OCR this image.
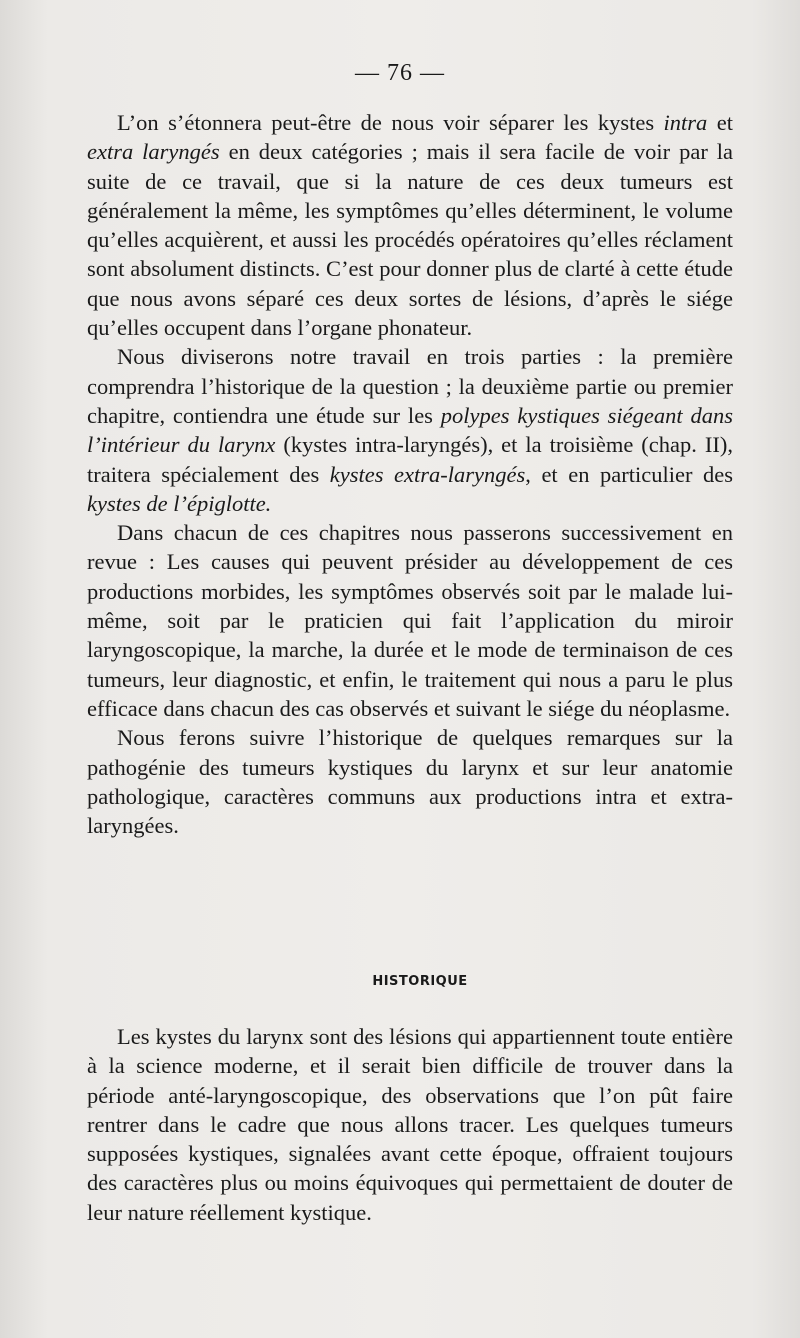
— 76 —

L’on s’étonnera peut-être de nous voir séparer les kystes intra et extra laryngés en deux catégories ; mais il sera facile de voir par la suite de ce travail, que si la nature de ces deux tumeurs est généralement la même, les symptômes qu’elles déterminent, le volume qu’elles acquièrent, et aussi les procédés opératoires qu’elles réclament sont absolument distincts. C’est pour donner plus de clarté à cette étude que nous avons séparé ces deux sortes de lésions, d’après le siége qu’elles occupent dans l’organe phonateur.

Nous diviserons notre travail en trois parties : la première comprendra l’historique de la question ; la deuxième partie ou premier chapitre, contiendra une étude sur les polypes kystiques siégeant dans l’intérieur du larynx (kystes intra-laryngés), et la troisième (chap. II), traitera spécialement des kystes extra-laryngés, et en particulier des kystes de l’épiglotte.

Dans chacun de ces chapitres nous passerons successivement en revue : Les causes qui peuvent présider au développement de ces productions morbides, les symptômes observés soit par le malade lui-même, soit par le praticien qui fait l’application du miroir laryngoscopique, la marche, la durée et le mode de terminaison de ces tumeurs, leur diagnostic, et enfin, le traitement qui nous a paru le plus efficace dans chacun des cas observés et suivant le siége du néoplasme.

Nous ferons suivre l’historique de quelques remarques sur la pathogénie des tumeurs kystiques du larynx et sur leur anatomie pathologique, caractères communs aux productions intra et extra-laryngées.

HISTORIQUE

Les kystes du larynx sont des lésions qui appartiennent toute entière à la science moderne, et il serait bien difficile de trouver dans la période anté-laryngoscopique, des observations que l’on pût faire rentrer dans le cadre que nous allons tracer. Les quelques tumeurs supposées kystiques, signalées avant cette époque, offraient toujours des caractères plus ou moins équivoques qui permettaient de douter de leur nature réellement kystique.
